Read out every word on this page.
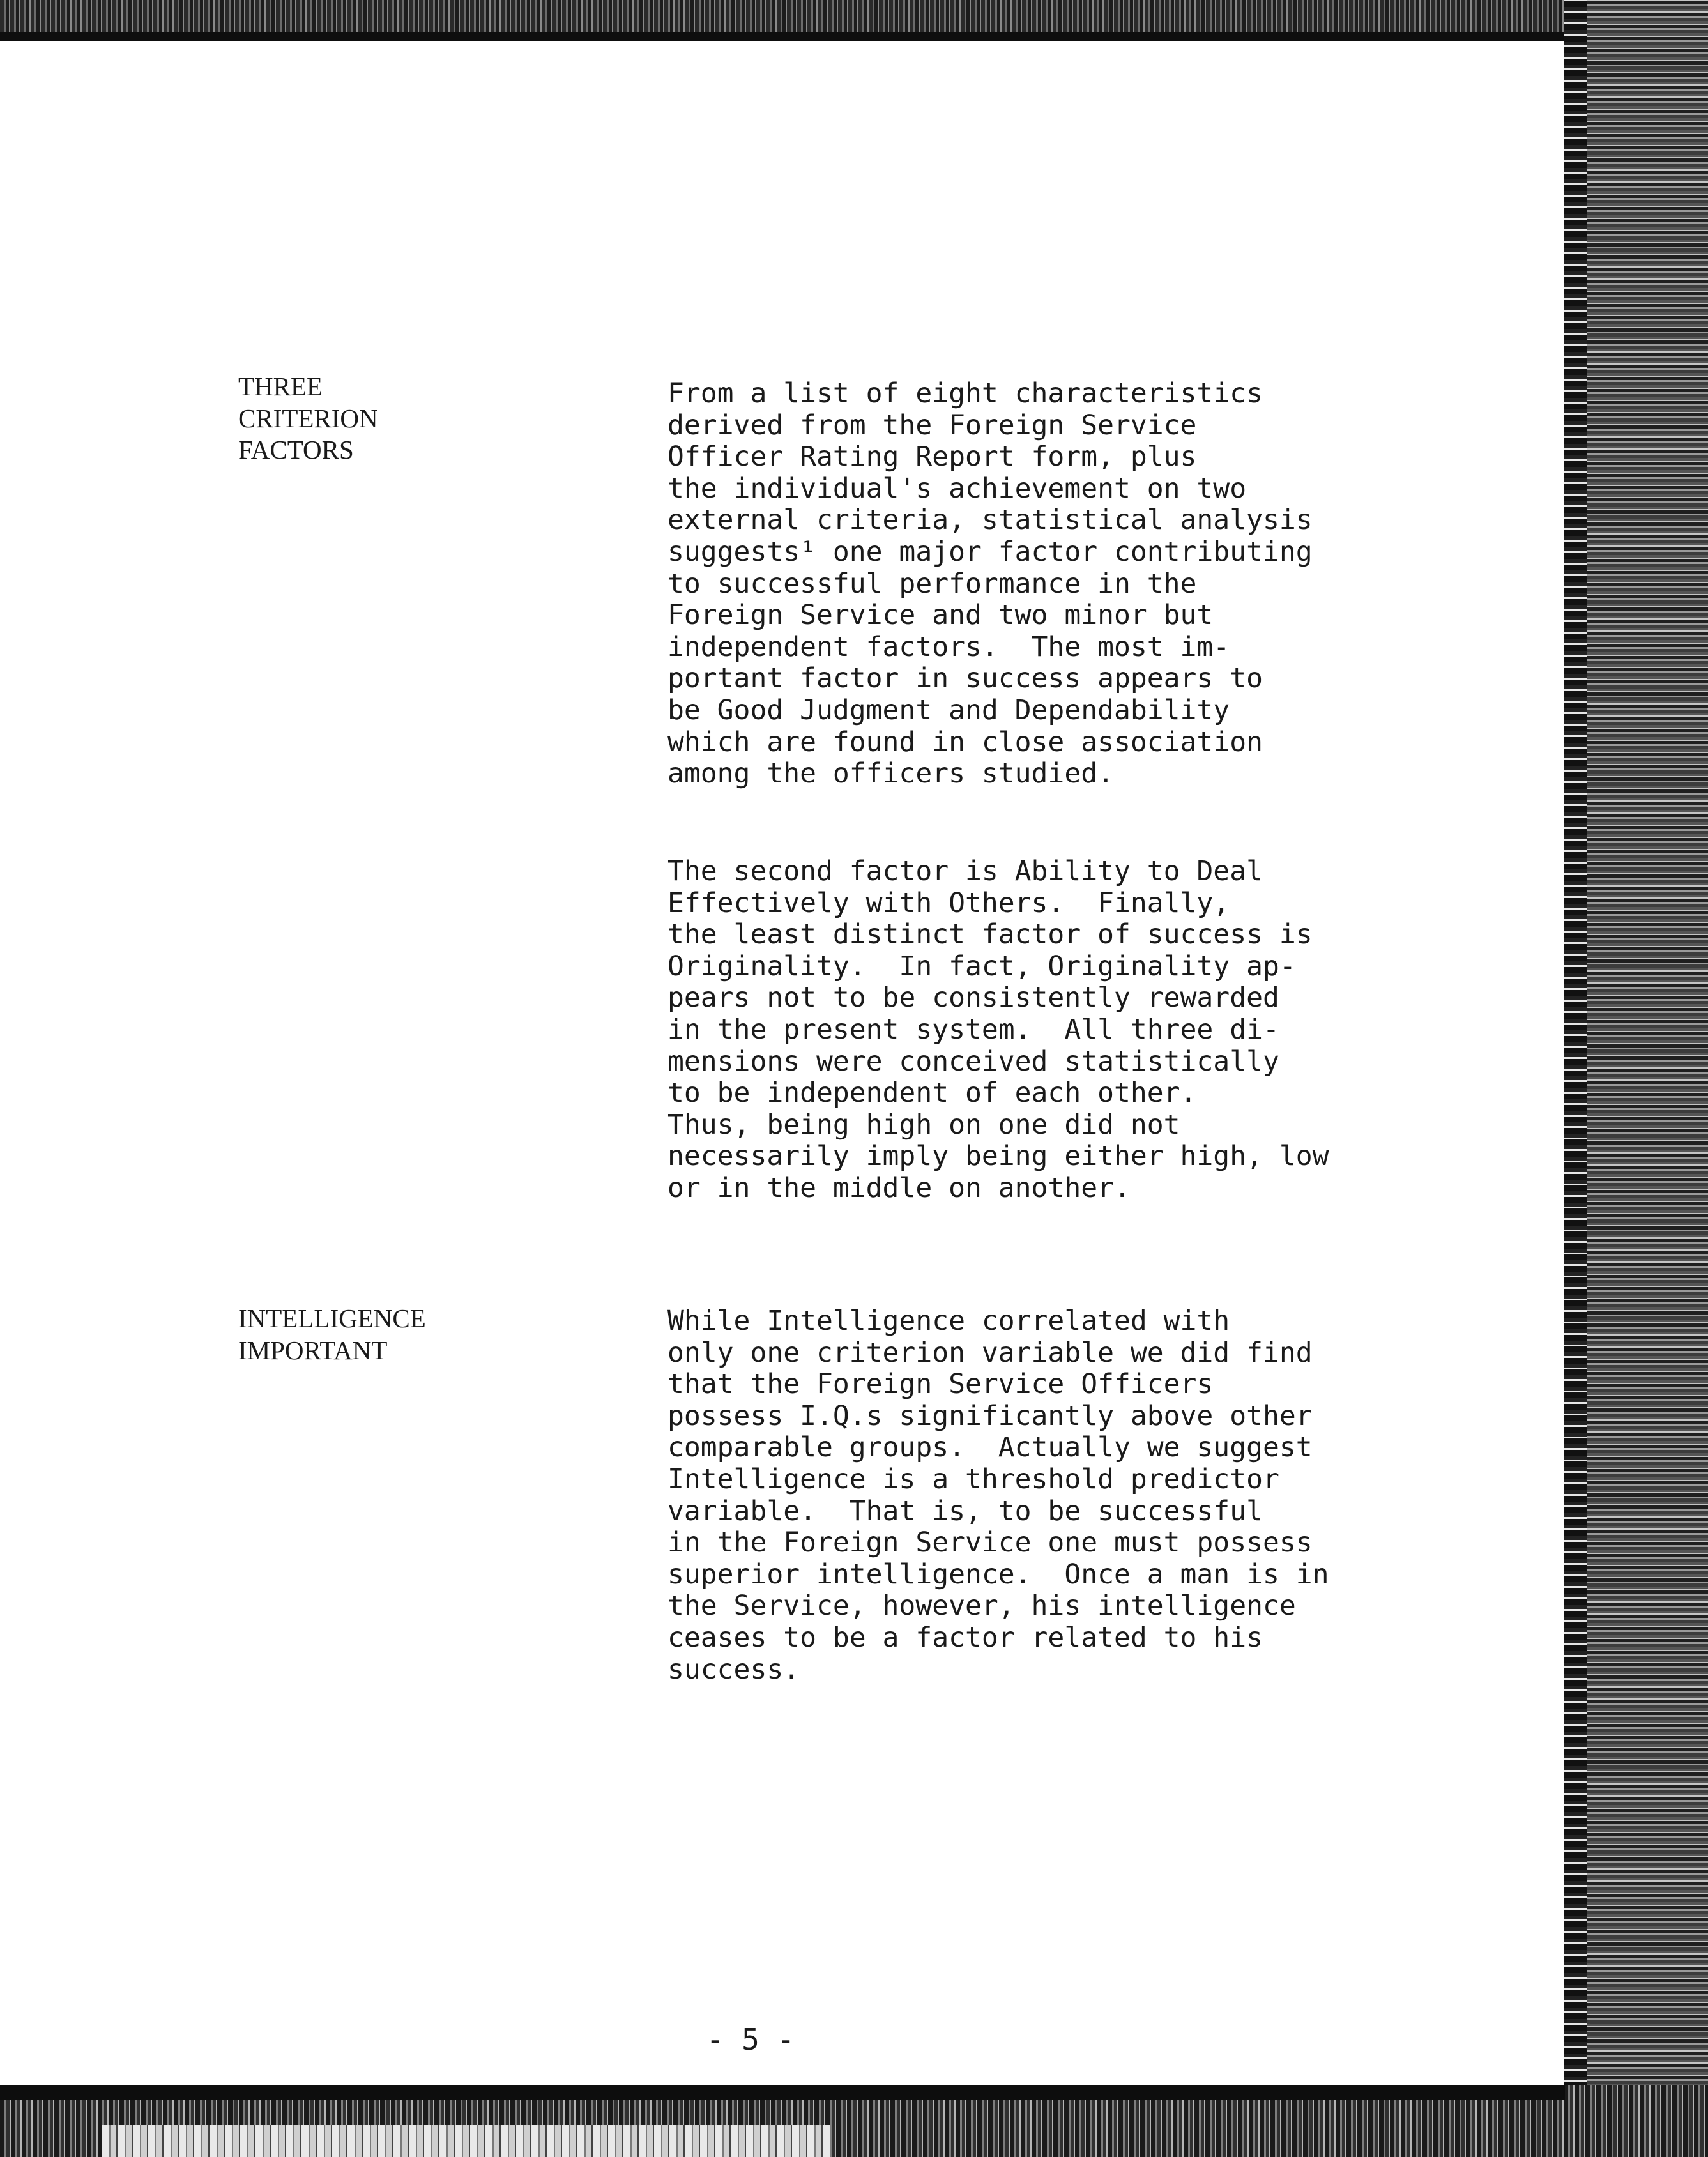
THREE
CRITERION
FACTORS

From a list of eight characteristics
derived from the Foreign Service
Officer Rating Report form, plus
the individual's achievement on two
external criteria, statistical analysis
suggests¹ one major factor contributing
to successful performance in the
Foreign Service and two minor but
independent factors.  The most im-
portant factor in success appears to
be Good Judgment and Dependability
which are found in close association
among the officers studied.

The second factor is Ability to Deal
Effectively with Others.  Finally,
the least distinct factor of success is
Originality.  In fact, Originality ap-
pears not to be consistently rewarded
in the present system.  All three di-
mensions were conceived statistically
to be independent of each other.
Thus, being high on one did not
necessarily imply being either high, low
or in the middle on another.

INTELLIGENCE
IMPORTANT

While Intelligence correlated with
only one criterion variable we did find
that the Foreign Service Officers
possess I.Q.s significantly above other
comparable groups.  Actually we suggest
Intelligence is a threshold predictor
variable.  That is, to be successful
in the Foreign Service one must possess
superior intelligence.  Once a man is in
the Service, however, his intelligence
ceases to be a factor related to his
success.

- 5 -
